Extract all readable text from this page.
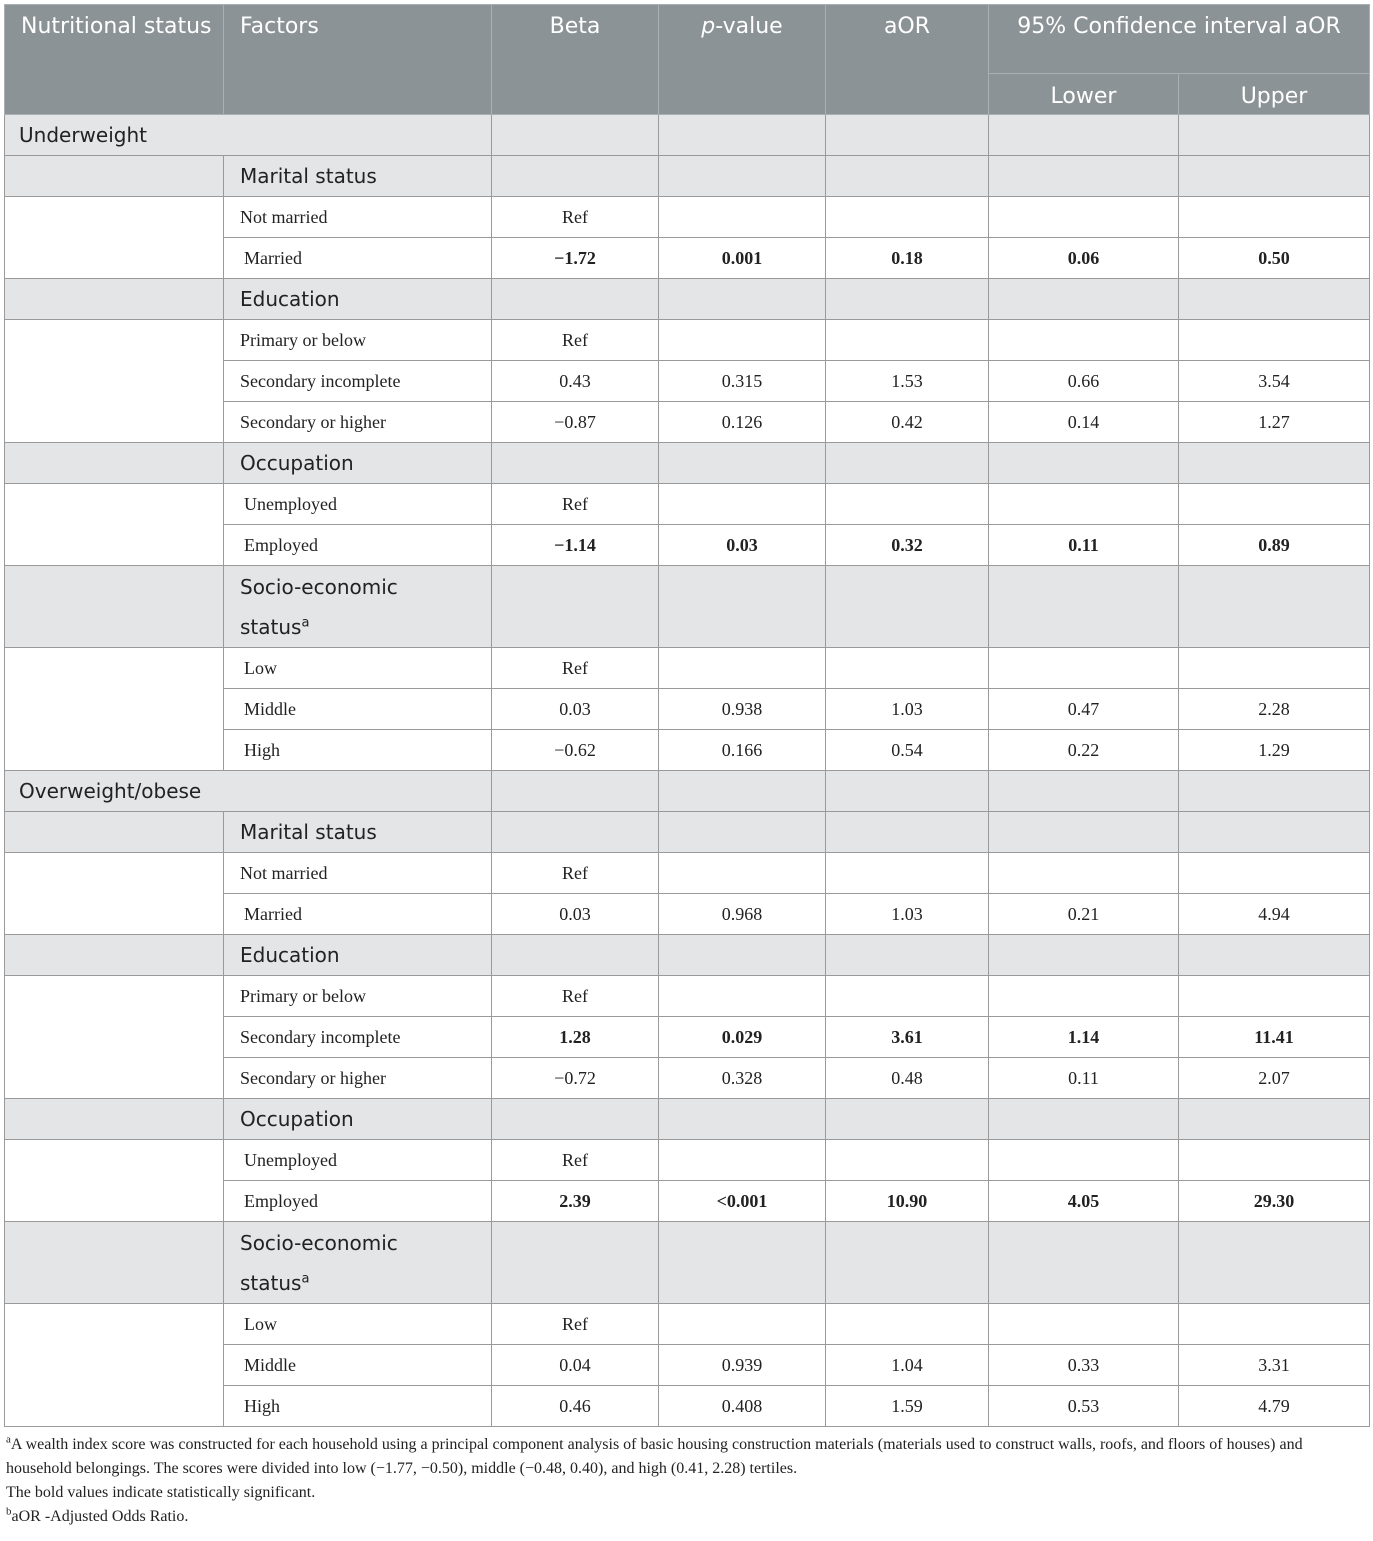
Nutritional status	Factors	Beta	p-value	aOR	95% Confidence interval aOR	
					Lower	Upper
Underweight						
	Marital status					
	Not married	Ref				
	Married	−1.72	0.001	0.18	0.06	0.50
	Education					
	Primary or below	Ref				
	Secondary incomplete	0.43	0.315	1.53	0.66	3.54
	Secondary or higher	−0.87	0.126	0.42	0.14	1.27
	Occupation					
	Unemployed	Ref				
	Employed	−1.14	0.03	0.32	0.11	0.89
	Socio-economic
status$^a$					
	Low	Ref				
	Middle	0.03	0.938	1.03	0.47	2.28
	High	−0.62	0.166	0.54	0.22	1.29
Overweight/obese						
	Marital status					
	Not married	Ref				
	Married	0.03	0.968	1.03	0.21	4.94
	Education					
	Primary or below	Ref				
	Secondary incomplete	1.28	0.029	3.61	1.14	11.41
	Secondary or higher	−0.72	0.328	0.48	0.11	2.07
	Occupation					
	Unemployed	Ref				
	Employed	2.39	<0.001	10.90	4.05	29.30
	Socio-economic
status$^a$					
	Low	Ref				
	Middle	0.04	0.939	1.04	0.33	3.31
	High	0.46	0.408	1.59	0.53	4.79
$^a$A wealth index score was constructed for each household using a principal component analysis of basic housing construction materials (materials used to construct walls, roofs, and floors of houses) and household belongings. The scores were divided into low (−1.77, −0.50), middle (−0.48, 0.40), and high (0.41, 2.28) tertiles.
The bold values indicate statistically significant.
$^b$aOR -Adjusted Odds Ratio.
